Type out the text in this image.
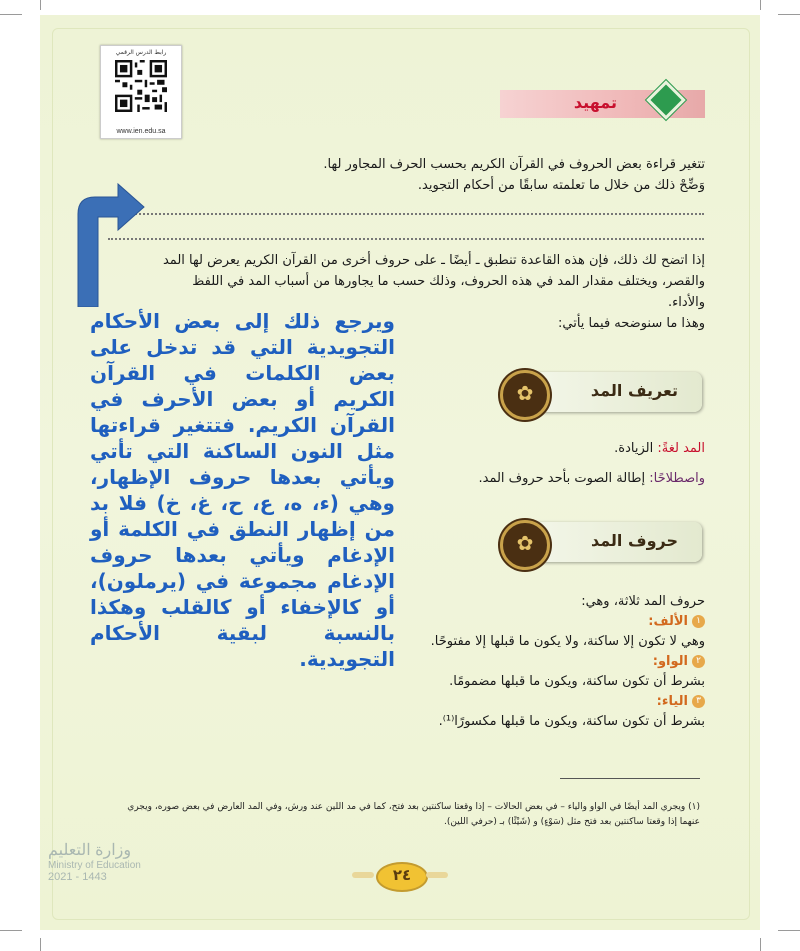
رابط الدرس الرقمي
www.ien.edu.sa
تمهيد
تتغير قراءة بعض الحروف في القرآن الكريم بحسب الحرف المجاور لها.
وَضِّحْ ذلك من خلال ما تعلمته سابقًا من أحكام التجويد.
إذا اتضح لك ذلك، فإن هذه القاعدة تنطبق ـ أيضًا ـ على حروف أخرى من القرآن الكريم يعرض لها المد
والقصر، ويختلف مقدار المد في هذه الحروف، وذلك حسب ما يجاورها من أسباب المد في اللفظ
والأداء.
وهذا ما سنوضحه فيما يأتي:
تعريف المد
✿
المد لغةً: الزيادة.
واصطلاحًا: إطالة الصوت بأحد حروف المد.
حروف المد
✿
حروف المد ثلاثة، وهي:
١الألف:
وهي لا تكون إلا ساكنة، ولا يكون ما قبلها إلا مفتوحًا.
٢الواو:
بشرط أن تكون ساكنة، ويكون ما قبلها مضمومًا.
٣الياء:
بشرط أن تكون ساكنة، ويكون ما قبلها مكسورًا⁽¹⁾.
ويرجع ذلك إلى بعض الأحكام التجويدية التي قد تدخل على بعض الكلمات في القرآن الكريم أو بعض الأحرف في القرآن الكريم. فتتغير قراءتها مثل النون الساكنة التي تأتي ويأتي بعدها حروف الإظهار، وهي (ء، ه، ع، ح، غ، خ) فلا بد من إظهار النطق في الكلمة أو الإدغام ويأتي بعدها حروف الإدغام مجموعة في (يرملون)، أو كالإخفاء أو كالقلب وهكذا بالنسبة لبقية الأحكام التجويدية.
(١) ويجري المد أيضًا في الواو والياء – في بعض الحالات – إذا وقعتا ساكنتين بعد فتح، كما في مد اللين عند ورش، وفي المد العارض في بعض صوره، ويجري
عنهما إذا وقعتا ساكنتين بعد فتح مثل (سَوْءٍ) و (شَيْئًا) بـ (حرفي اللين).
وزارة التعليم
Ministry of Education
2021 - 1443	٢٤
